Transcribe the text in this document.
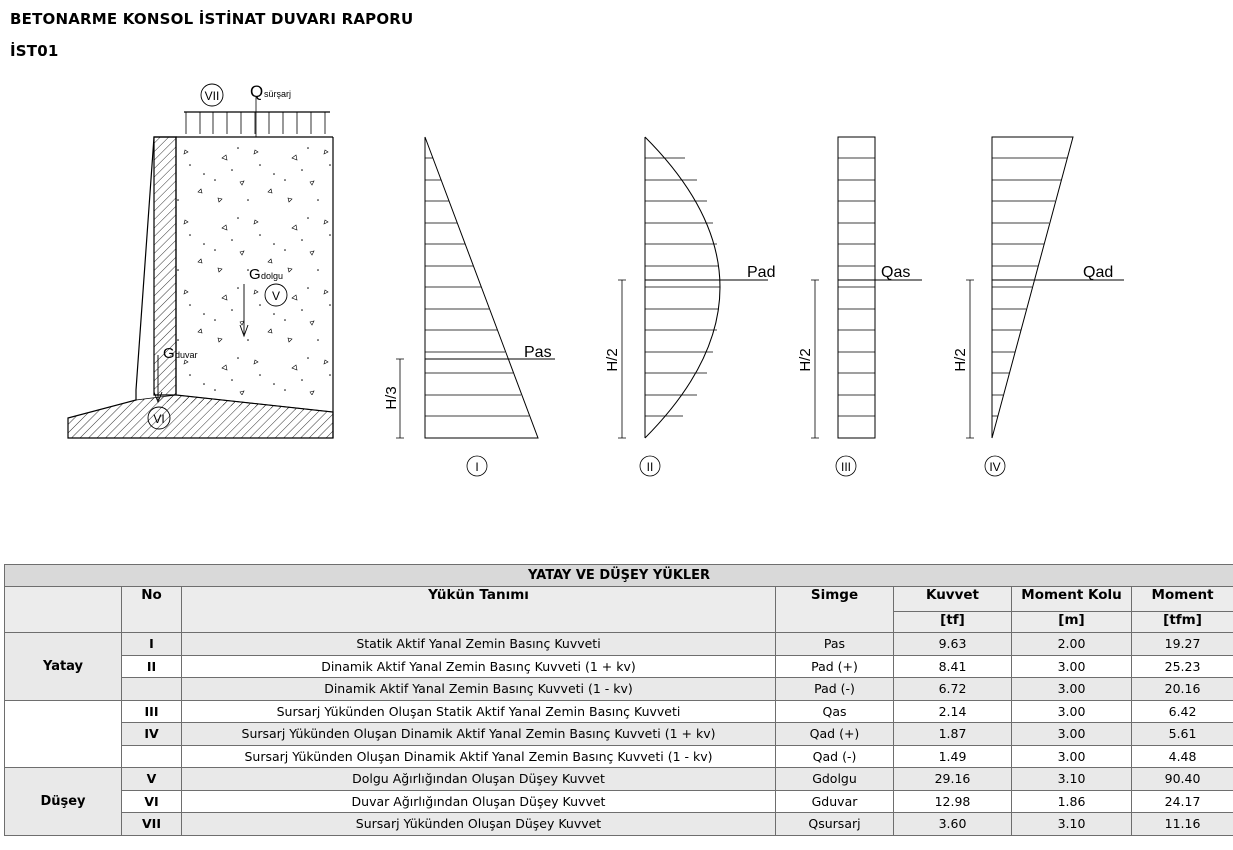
BETONARME KONSOL İSTİNAT DUVARI RAPORU
İST01
VII
V
VI
Q sürşarj
G dolgu
G duvar	Pas
H/3
I
Pad
H/2
II
Qas
H/2
III
Qad
H/2
IV
YATAY VE DÜŞEY YÜKLER						
	No	Yükün Tanımı	Simge	Kuvvet	Moment Kolu	Moment
				[tf]	[m]	[tfm]
Yatay	I	Statik Aktif Yanal Zemin Basınç Kuvveti	Pas	9.63	2.00	19.27
	II	Dinamik Aktif Yanal Zemin Basınç Kuvveti (1 + kv)	Pad (+)	8.41	3.00	25.23
		Dinamik Aktif Yanal Zemin Basınç Kuvveti (1 - kv)	Pad (-)	6.72	3.00	20.16
	III	Sursarj Yükünden Oluşan Statik Aktif Yanal Zemin Basınç Kuvveti	Qas	2.14	3.00	6.42
	IV	Sursarj Yükünden Oluşan Dinamik Aktif Yanal Zemin Basınç Kuvveti (1 + kv)	Qad (+)	1.87	3.00	5.61
		Sursarj Yükünden Oluşan Dinamik Aktif Yanal Zemin Basınç Kuvveti (1 - kv)	Qad (-)	1.49	3.00	4.48
Düşey	V	Dolgu Ağırlığından Oluşan Düşey Kuvvet	Gdolgu	29.16	3.10	90.40
	VI	Duvar Ağırlığından Oluşan Düşey Kuvvet	Gduvar	12.98	1.86	24.17
	VII	Sursarj Yükünden Oluşan Düşey Kuvvet	Qsursarj	3.60	3.10	11.16
